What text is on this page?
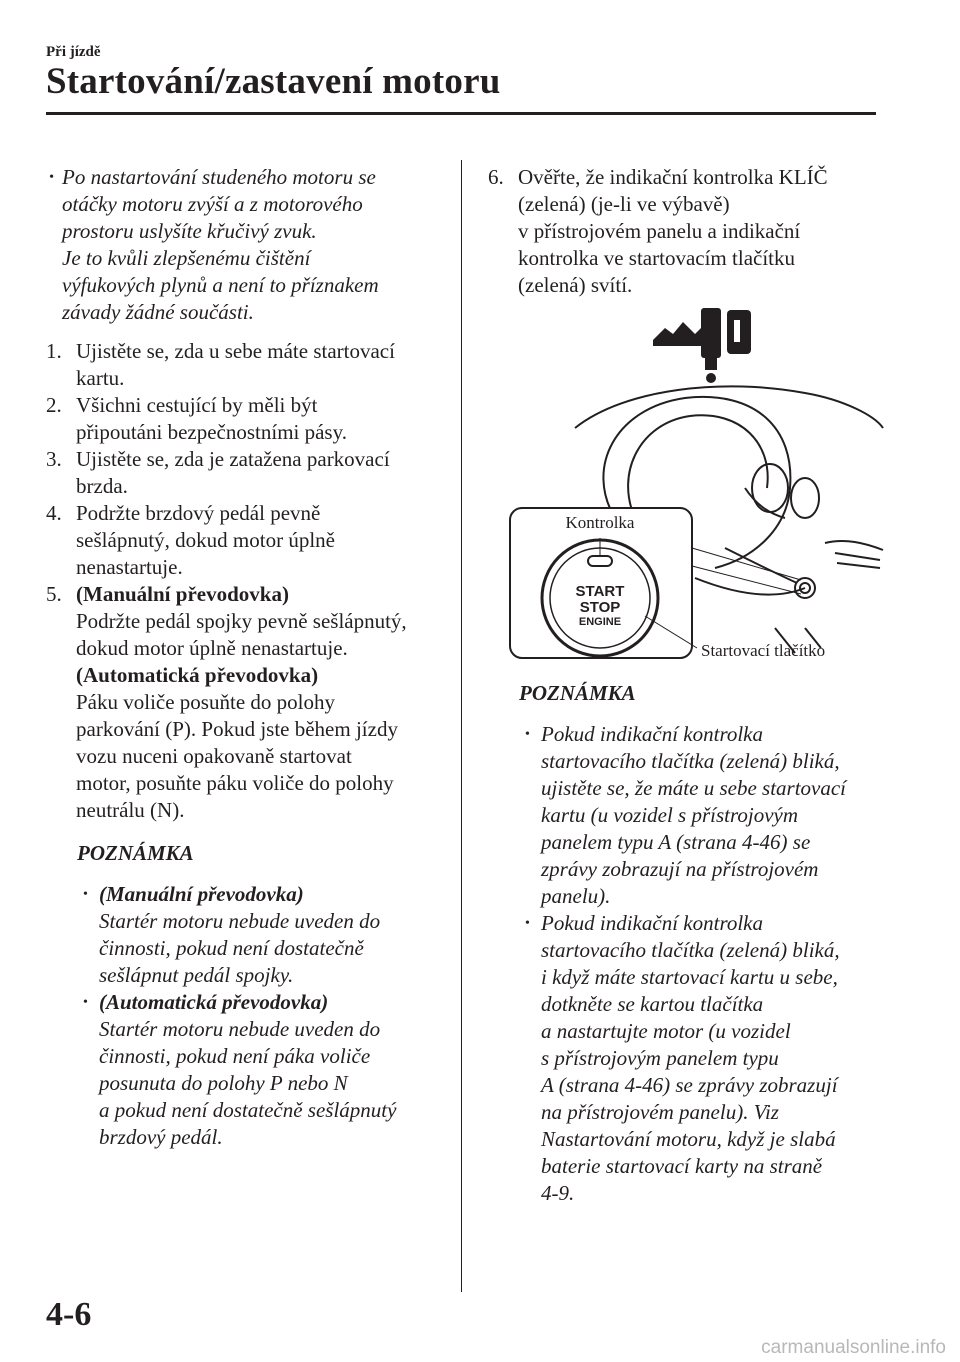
Při jízdě
Startování/zastavení motoru
• Po nastartování studeného motoru se
otáčky motoru zvýší a z motorového
prostoru uslyšíte křučivý zvuk.
Je to kvůli zlepšenému čištění
výfukových plynů a není to příznakem
závady žádné součásti.
1. Ujistěte se, zda u sebe máte startovací
kartu.
2. Všichni cestující by měli být
připoutáni bezpečnostními pásy.
3. Ujistěte se, zda je zatažena parkovací
brzda.
4. Podržte brzdový pedál pevně
sešlápnutý, dokud motor úplně
nenastartuje.
5. (Manuální převodovka)
Podržte pedál spojky pevně sešlápnutý,
dokud motor úplně nenastartuje.
(Automatická převodovka)
Páku voliče posuňte do polohy
parkování (P). Pokud jste během jízdy
vozu nuceni opakovaně startovat
motor, posuňte páku voliče do polohy
neutrálu (N).
POZNÁMKA
• (Manuální převodovka)
Startér motoru nebude uveden do
činnosti, pokud není dostatečně
sešlápnut pedál spojky.
• (Automatická převodovka)
Startér motoru nebude uveden do
činnosti, pokud není páka voliče
posunuta do polohy P nebo N
a pokud není dostatečně sešlápnutý
brzdový pedál.
6. Ověřte, že indikační kontrolka KLÍČ
(zelená) (je-li ve výbavě)
v přístrojovém panelu a indikační
kontrolka ve startovacím tlačítku
(zelená) svítí.
START
STOP
ENGINE
Kontrolka
Startovací tlačítko
POZNÁMKA
• Pokud indikační kontrolka
startovacího tlačítka (zelená) bliká,
ujistěte se, že máte u sebe startovací
kartu (u vozidel s přístrojovým
panelem typu A (strana 4-46) se
zprávy zobrazují na přístrojovém
panelu).
• Pokud indikační kontrolka
startovacího tlačítka (zelená) bliká,
i když máte startovací kartu u sebe,
dotkněte se kartou tlačítka
a nastartujte motor (u vozidel
s přístrojovým panelem typu
A (strana 4-46) se zprávy zobrazují
na přístrojovém panelu). Viz
Nastartování motoru, když je slabá
baterie startovací karty na straně
4-9.
4-6
carmanualsonline.info
